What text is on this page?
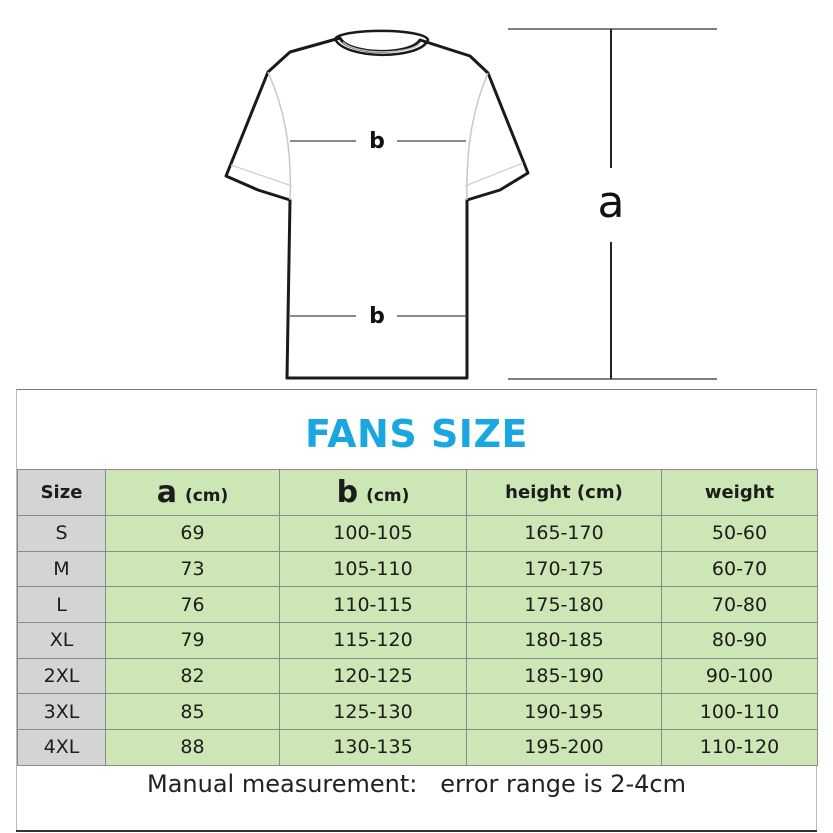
b
b
a
FANS SIZE
Size	a (cm)	b (cm)	height (cm)	weight
S	69	100-105	165-170	50-60
M	73	105-110	170-175	60-70
L	76	110-115	175-180	70-80
XL	79	115-120	180-185	80-90
2XL	82	120-125	185-190	90-100
3XL	85	125-130	190-195	100-110
4XL	88	130-135	195-200	110-120

Manual measurement:   error range is 2-4cm
